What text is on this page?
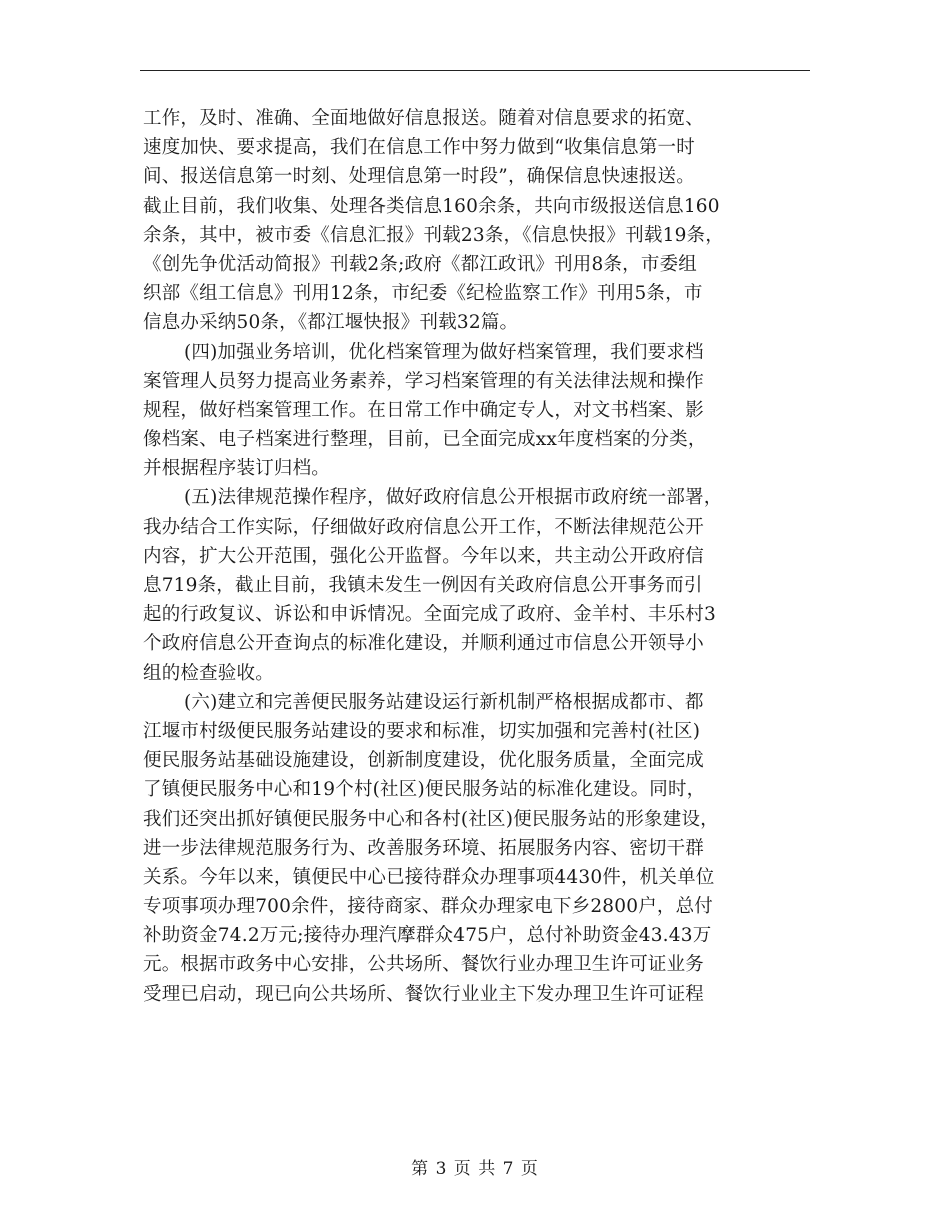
工作，及时、准确、全面地做好信息报送。随着对信息要求的拓宽、
速度加快、要求提高，我们在信息工作中努力做到“收集信息第一时
间、报送信息第一时刻、处理信息第一时段”，确保信息快速报送。
截止目前，我们收集、处理各类信息160余条，共向市级报送信息160
余条，其中，被市委《信息汇报》刊载23条，《信息快报》刊载19条，
《创先争优活动简报》刊载2条;政府《都江政讯》刊用8条，市委组
织部《组工信息》刊用12条，市纪委《纪检监察工作》刊用5条，市
信息办采纳50条，《都江堰快报》刊载32篇。
(四)加强业务培训，优化档案管理为做好档案管理，我们要求档
案管理人员努力提高业务素养，学习档案管理的有关法律法规和操作
规程，做好档案管理工作。在日常工作中确定专人，对文书档案、影
像档案、电子档案进行整理，目前，已全面完成xx年度档案的分类，
并根据程序装订归档。
(五)法律规范操作程序，做好政府信息公开根据市政府统一部署，
我办结合工作实际，仔细做好政府信息公开工作，不断法律规范公开
内容，扩大公开范围，强化公开监督。今年以来，共主动公开政府信
息719条，截止目前，我镇未发生一例因有关政府信息公开事务而引
起的行政复议、诉讼和申诉情况。全面完成了政府、金羊村、丰乐村3
个政府信息公开查询点的标准化建设，并顺利通过市信息公开领导小
组的检查验收。
(六)建立和完善便民服务站建设运行新机制严格根据成都市、都
江堰市村级便民服务站建设的要求和标准，切实加强和完善村(社区)
便民服务站基础设施建设，创新制度建设，优化服务质量，全面完成
了镇便民服务中心和19个村(社区)便民服务站的标准化建设。同时，
我们还突出抓好镇便民服务中心和各村(社区)便民服务站的形象建设，
进一步法律规范服务行为、改善服务环境、拓展服务内容、密切干群
关系。今年以来，镇便民中心已接待群众办理事项4430件，机关单位
专项事项办理700余件，接待商家、群众办理家电下乡2800户，总付
补助资金74.2万元;接待办理汽摩群众475户，总付补助资金43.43万
元。根据市政务中心安排，公共场所、餐饮行业办理卫生许可证业务
受理已启动，现已向公共场所、餐饮行业业主下发办理卫生许可证程
第 3 页 共 7 页
